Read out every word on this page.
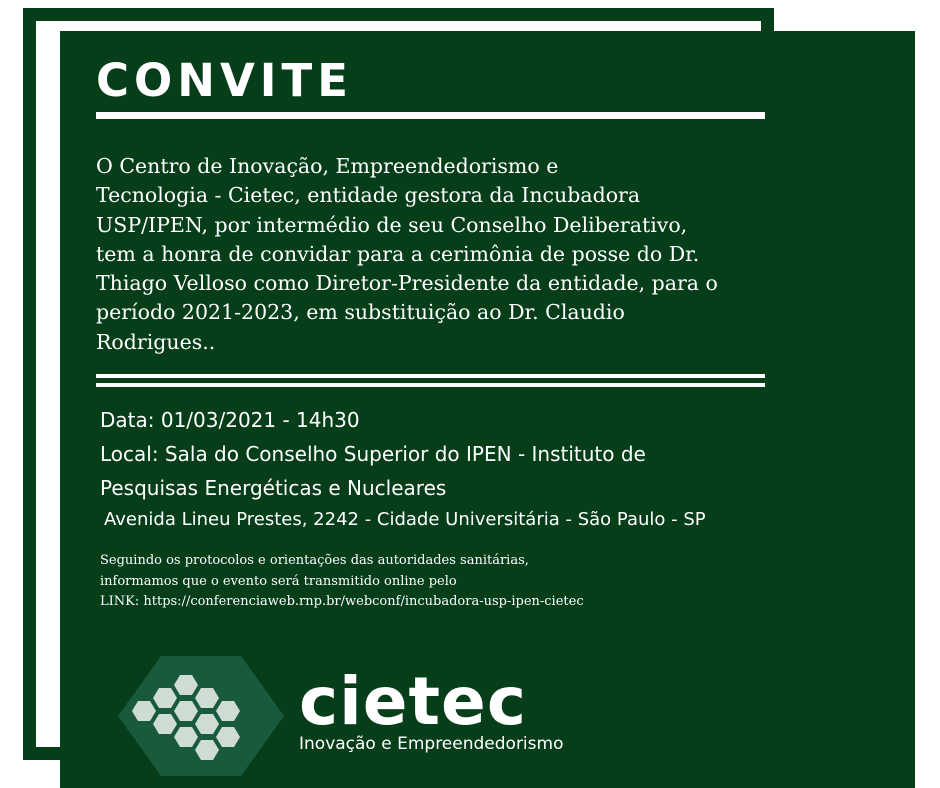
CONVITE

O Centro de Inovação, Empreendedorismo e
Tecnologia - Cietec, entidade gestora da Incubadora
USP/IPEN, por intermédio de seu Conselho Deliberativo,
tem a honra de convidar para a cerimônia de posse do Dr.
Thiago Velloso como Diretor-Presidente da entidade, para o
período 2021-2023, em substituição ao Dr. Claudio
Rodrigues..

Data: 01/03/2021 - 14h30
Local: Sala do Conselho Superior do IPEN - Instituto de
Pesquisas Energéticas e Nucleares
Avenida Lineu Prestes, 2242 - Cidade Universitária - São Paulo - SP
Seguindo os protocolos e orientações das autoridades sanitárias,
informamos que o evento será transmitido online pelo
LINK: https://conferenciaweb.rnp.br/webconf/incubadora-usp-ipen-cietec
cietec
Inovação e Empreendedorismo
